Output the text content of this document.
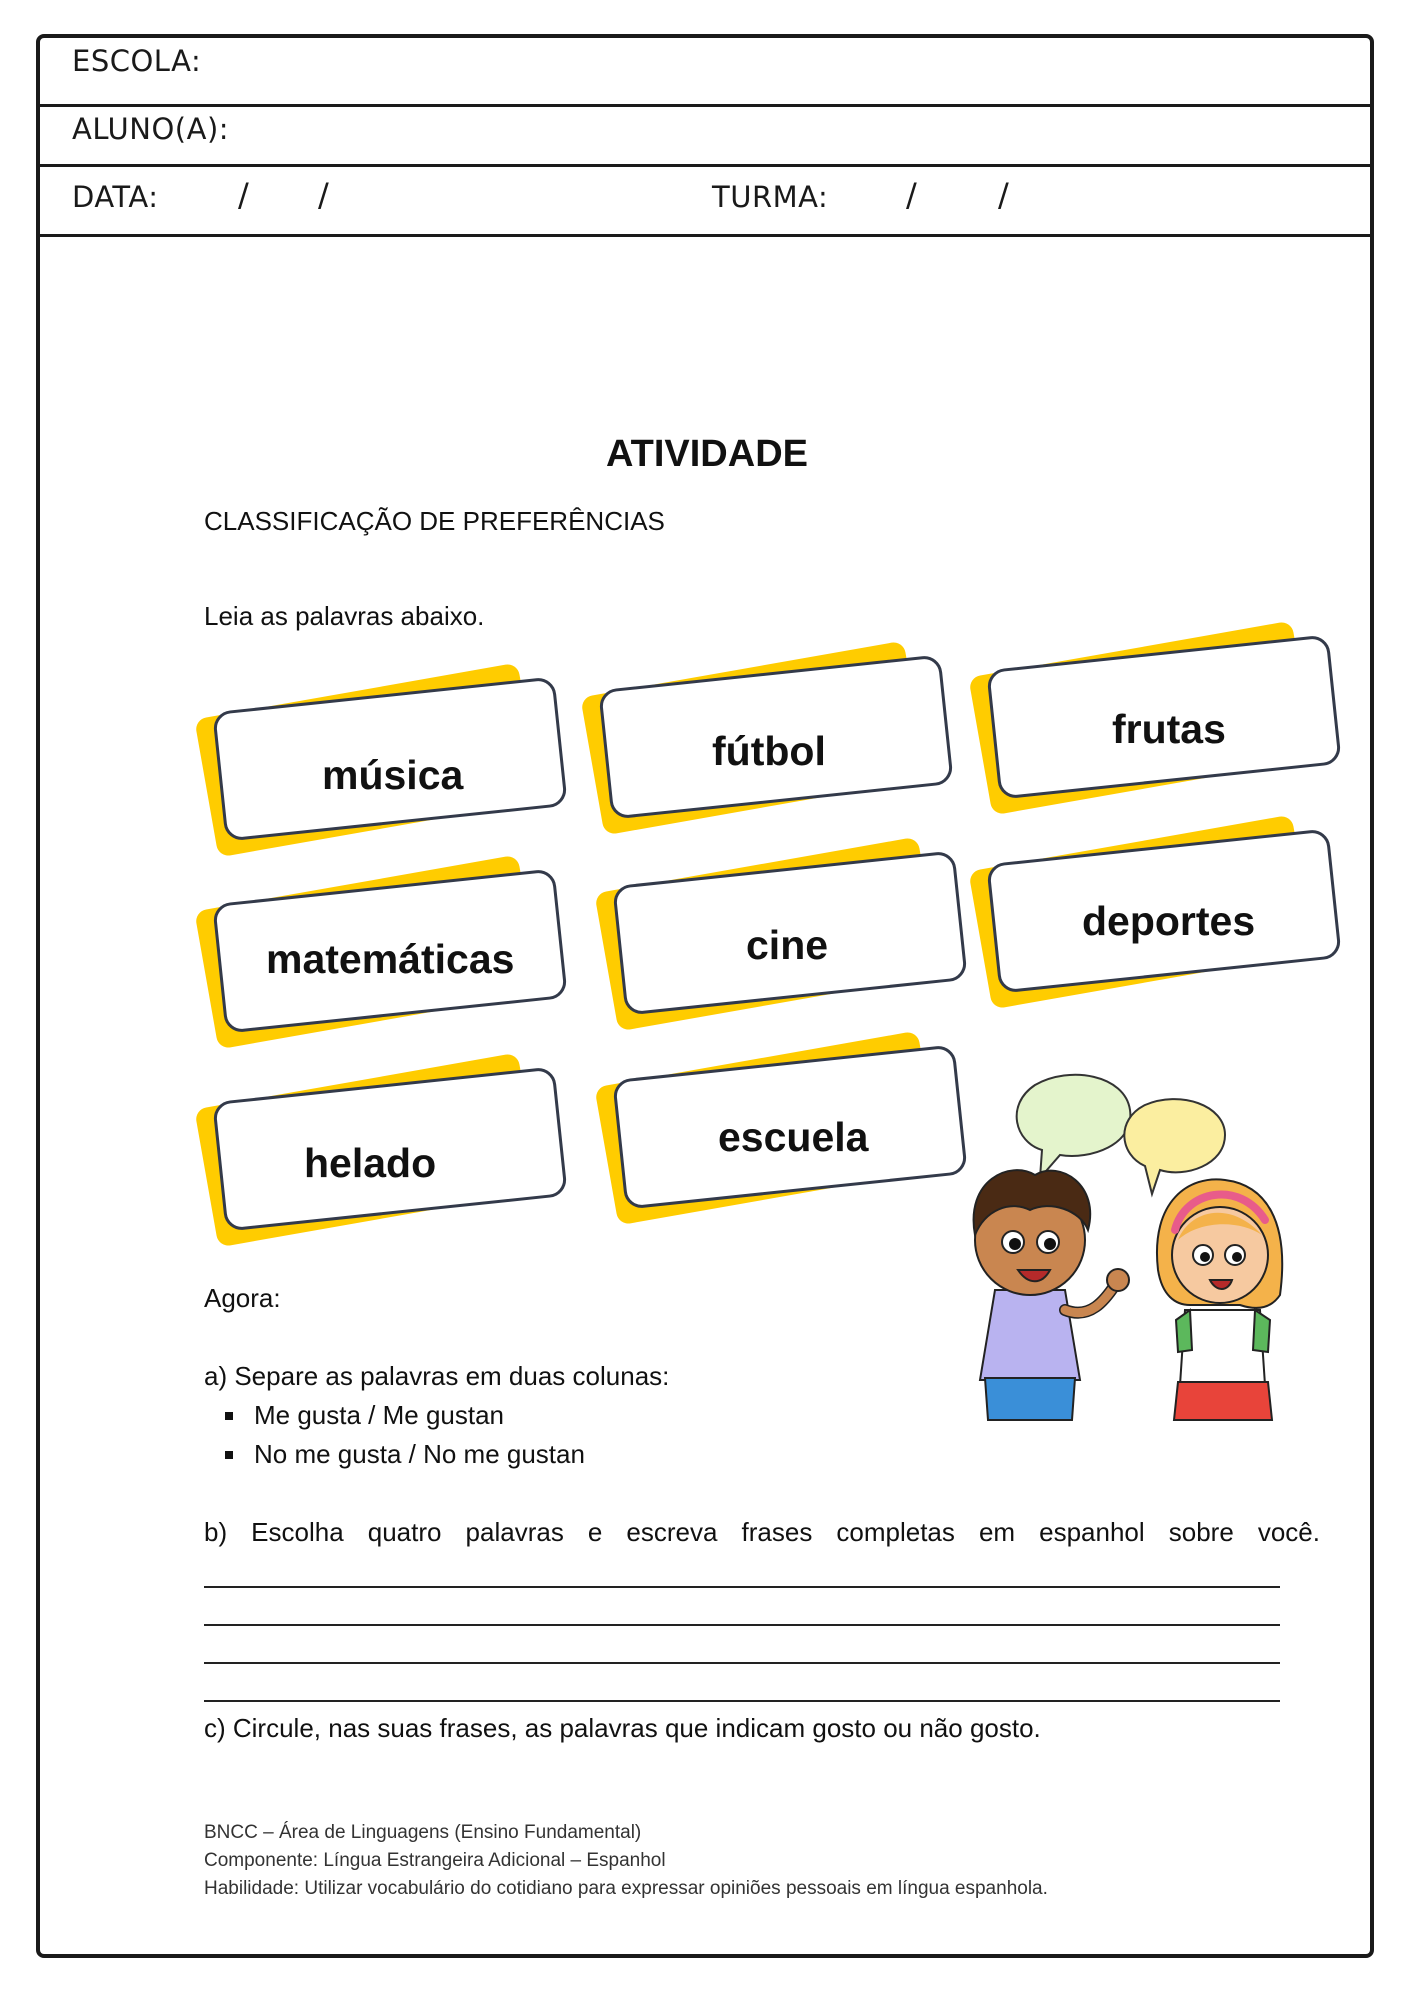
ESCOLA:
ALUNO(A):
DATA: / /	TURMA: /	/
ATIVIDADE
CLASSIFICAÇÃO DE PREFERÊNCIAS
Leia as palavras abaixo.
música
fútbol	frutas
matemáticas	cine
deportes
helado
escuela
Agora:
a) Separe as palavras em duas colunas:
Me gusta / Me gustan
No me gusta / No me gustan
b) Escolha quatro palavras e escreva frases completas em espanhol sobre você.
c) Circule, nas suas frases, as palavras que indicam gosto ou não gosto.
BNCC – Área de Linguagens (Ensino Fundamental)
Componente: Língua Estrangeira Adicional – Espanhol
Habilidade: Utilizar vocabulário do cotidiano para expressar opiniões pessoais em língua espanhola.
